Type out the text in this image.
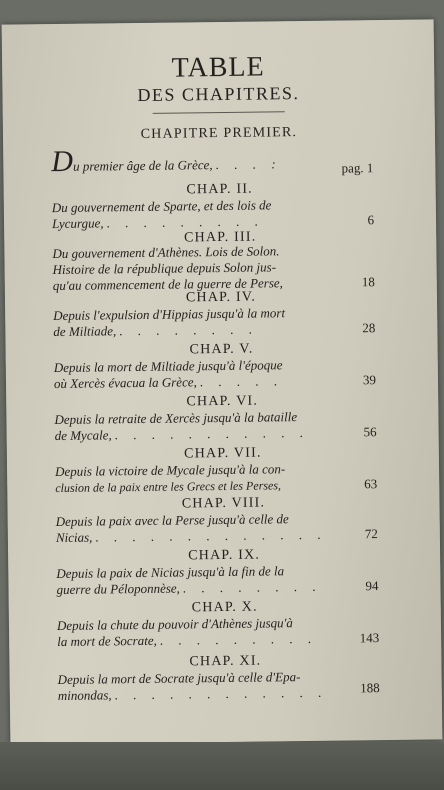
TABLE
DES CHAPITRES.
CHAPITRE PREMIER.
Du premier âge de la Grèce, . . . :	pag. 1
CHAP. II.
Du gouvernement de Sparte, et des lois de
Lycurgue, . . . . . . . . .	6
CHAP. III.
Du gouvernement d'Athènes. Lois de Solon.
Histoire de la république depuis Solon jus-
qu'au commencement de la guerre de Perse,	18
CHAP. IV.
Depuis l'expulsion d'Hippias jusqu'à la mort
de Miltiade, . . . . . . . .	28
CHAP. V.
Depuis la mort de Miltiade jusqu'à l'époque
où Xercès évacua la Grèce, . . . . .	39
CHAP. VI.
Depuis la retraite de Xercès jusqu'à la bataille
de Mycale, . . . . . . . . . . .	56
CHAP. VII.
Depuis la victoire de Mycale jusqu'à la con-
clusion de la paix entre les Grecs et les Perses,	63
CHAP. VIII.
Depuis la paix avec la Perse jusqu'à celle de
Nicias, . . . . . . . . . . . . .	72
CHAP. IX.
Depuis la paix de Nicias jusqu'à la fin de la
guerre du Péloponnèse, . . . . . . . .	94
CHAP. X.
Depuis la chute du pouvoir d'Athènes jusqu'à
la mort de Socrate, . . . . . . . . .	143
CHAP. XI.
Depuis la mort de Socrate jusqu'à celle d'Epa-
minondas, . . . . . . . . . . . .	188
